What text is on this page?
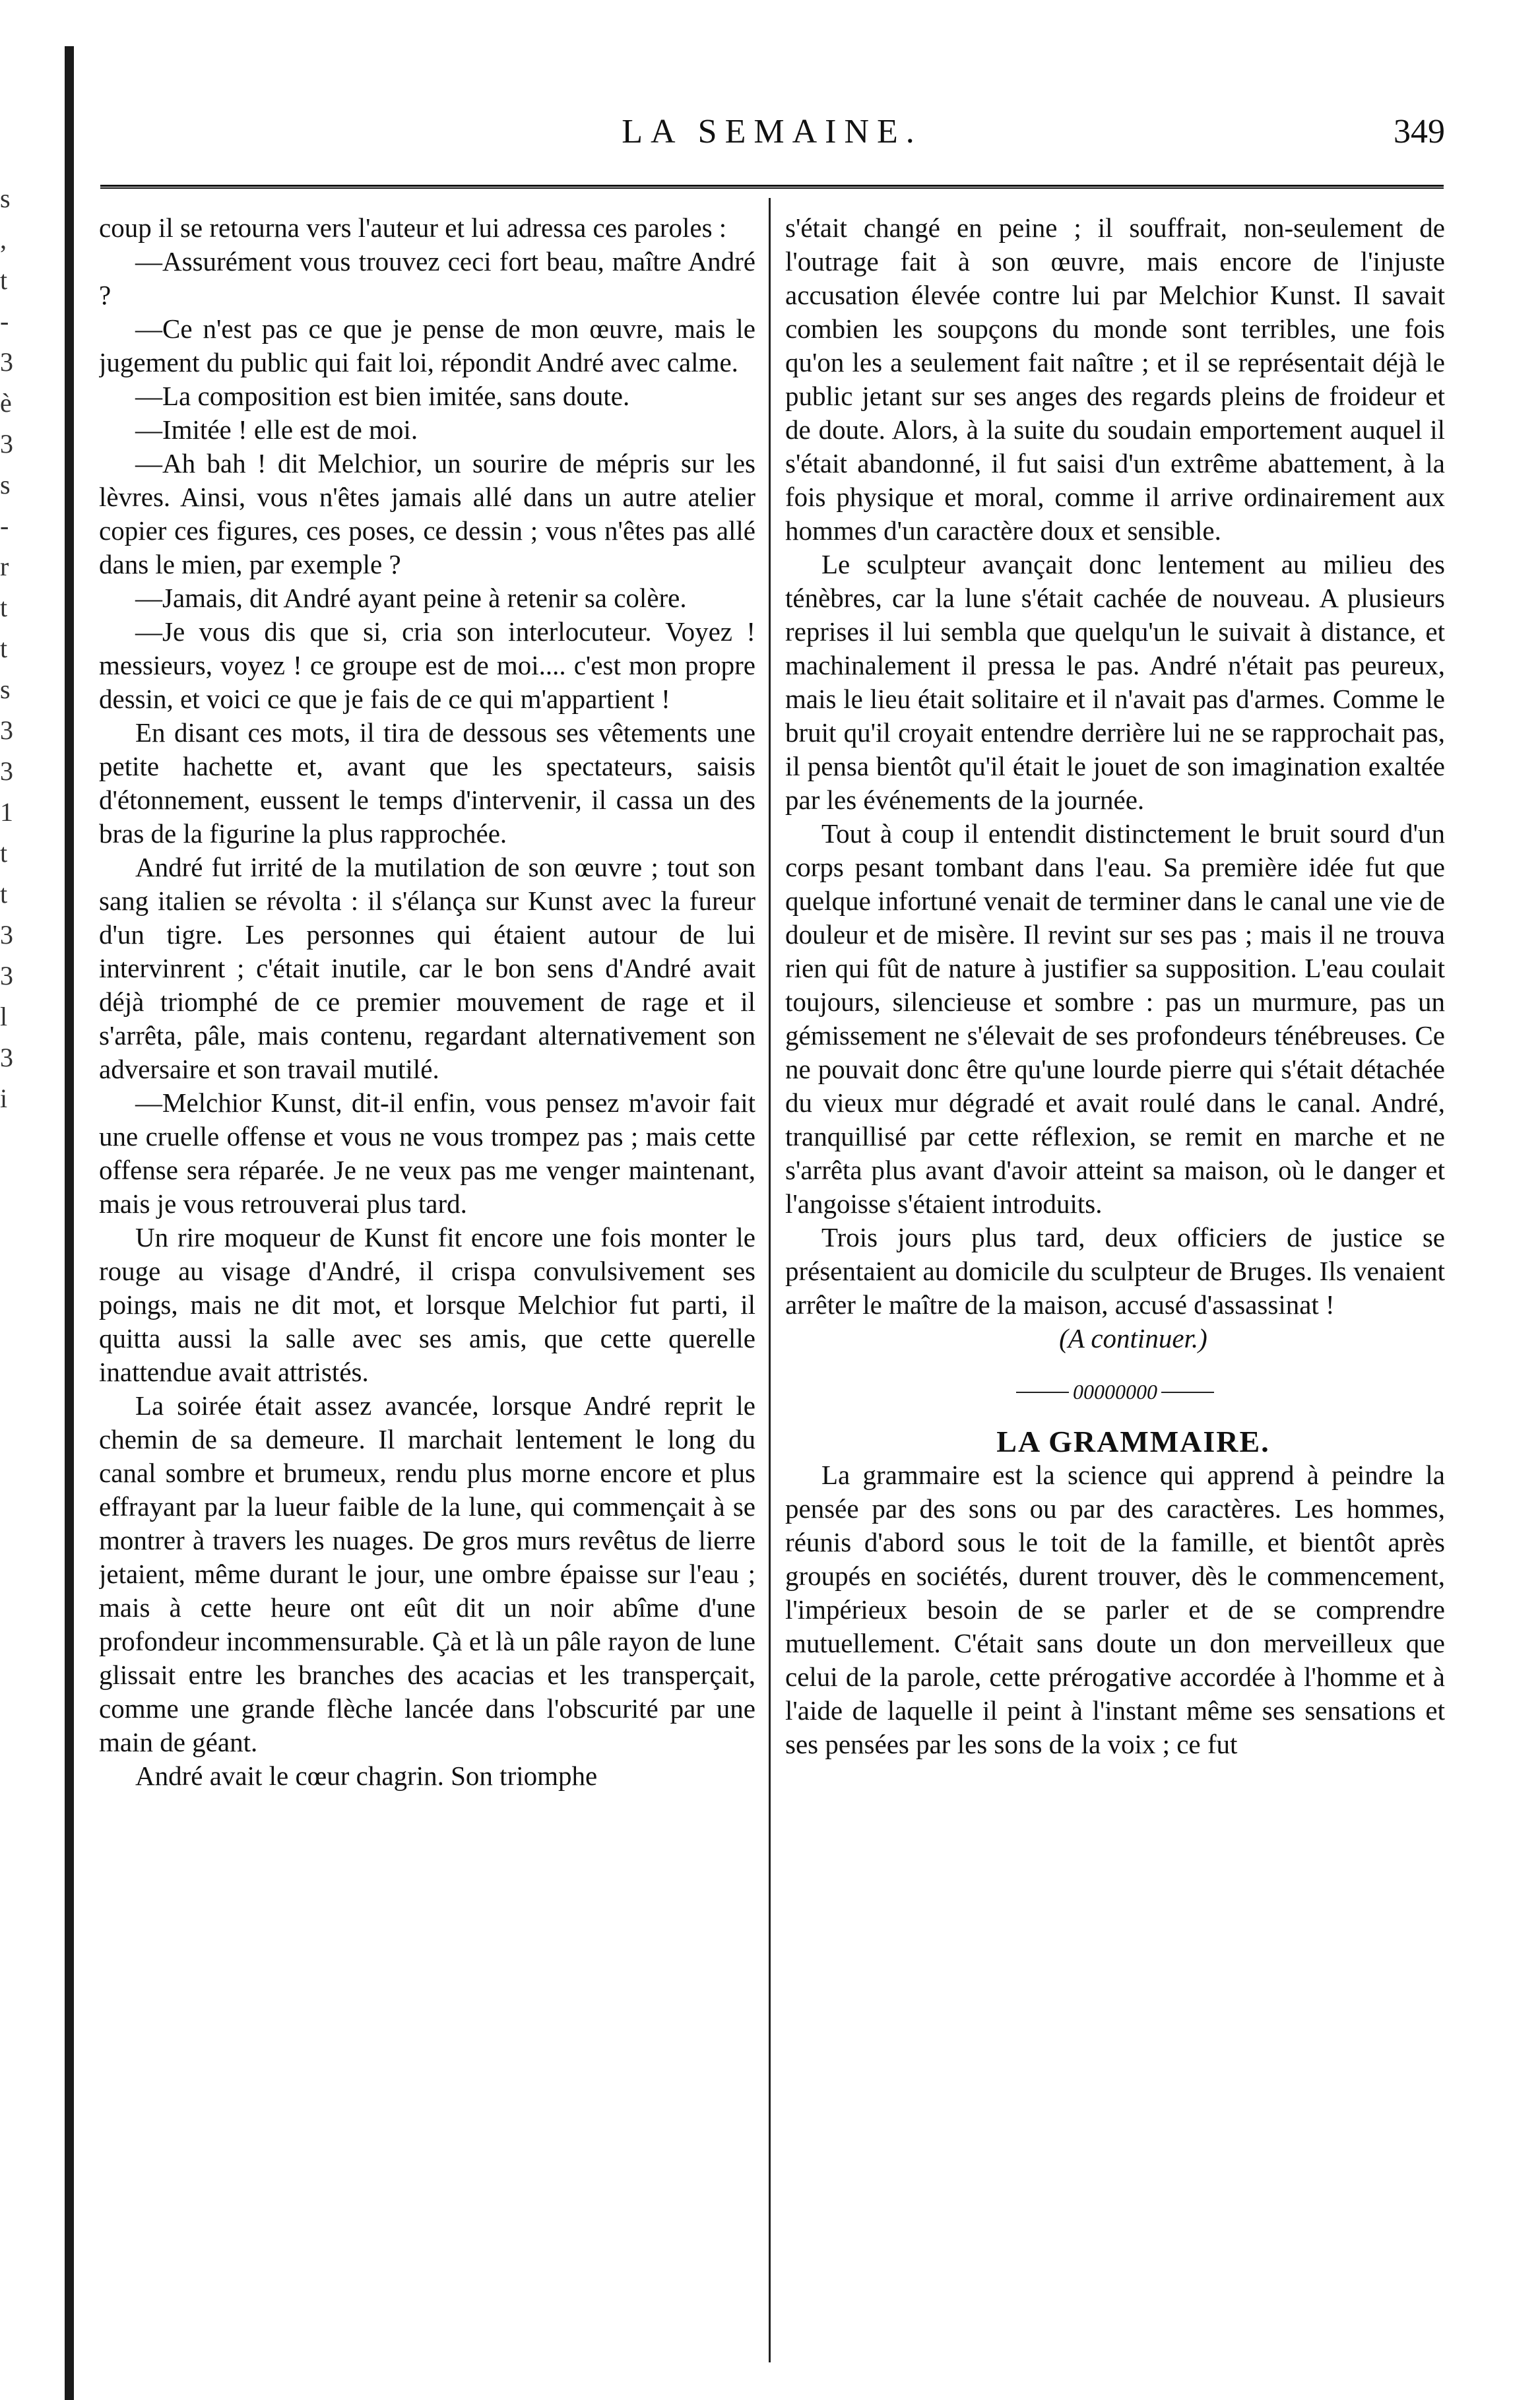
s
,
t
-
3
è
3
s
-
r
t
t
s
3
3
1
t
t
3
3
l
3
i
LA SEMAINE.	349

coup il se retourna vers l'auteur et lui adressa ces paroles :

—Assurément vous trouvez ceci fort beau, maître André ?

—Ce n'est pas ce que je pense de mon œuvre, mais le jugement du public qui fait loi, répondit André avec calme.

—La composition est bien imitée, sans doute.

—Imitée ! elle est de moi.

—Ah bah ! dit Melchior, un sourire de mépris sur les lèvres. Ainsi, vous n'êtes jamais allé dans un autre atelier copier ces figures, ces poses, ce dessin ; vous n'êtes pas allé dans le mien, par exemple ?

—Jamais, dit André ayant peine à retenir sa colère.

—Je vous dis que si, cria son interlocuteur. Voyez ! messieurs, voyez ! ce groupe est de moi.... c'est mon propre dessin, et voici ce que je fais de ce qui m'appartient !

En disant ces mots, il tira de dessous ses vêtements une petite hachette et, avant que les spectateurs, saisis d'étonnement, eussent le temps d'intervenir, il cassa un des bras de la figurine la plus rapprochée.

André fut irrité de la mutilation de son œuvre ; tout son sang italien se révolta : il s'élança sur Kunst avec la fureur d'un tigre. Les personnes qui étaient autour de lui intervinrent ; c'était inutile, car le bon sens d'André avait déjà triomphé de ce premier mouvement de rage et il s'arrêta, pâle, mais contenu, regardant alternativement son adversaire et son travail mutilé.

—Melchior Kunst, dit-il enfin, vous pensez m'avoir fait une cruelle offense et vous ne vous trompez pas ; mais cette offense sera réparée. Je ne veux pas me venger maintenant, mais je vous retrouverai plus tard.

Un rire moqueur de Kunst fit encore une fois monter le rouge au visage d'André, il crispa convulsivement ses poings, mais ne dit mot, et lorsque Melchior fut parti, il quitta aussi la salle avec ses amis, que cette querelle inattendue avait attristés.

La soirée était assez avancée, lorsque André reprit le chemin de sa demeure. Il marchait lentement le long du canal sombre et brumeux, rendu plus morne encore et plus effrayant par la lueur faible de la lune, qui commençait à se montrer à travers les nuages. De gros murs revêtus de lierre jetaient, même durant le jour, une ombre épaisse sur l'eau ; mais à cette heure ont eût dit un noir abîme d'une profondeur incommensurable. Çà et là un pâle rayon de lune glissait entre les branches des acacias et les transperçait, comme une grande flèche lancée dans l'obscurité par une main de géant.

André avait le cœur chagrin. Son triomphe

s'était changé en peine ; il souffrait, non-seulement de l'outrage fait à son œuvre, mais encore de l'injuste accusation élevée contre lui par Melchior Kunst. Il savait combien les soupçons du monde sont terribles, une fois qu'on les a seulement fait naître ; et il se représentait déjà le public jetant sur ses anges des regards pleins de froideur et de doute. Alors, à la suite du soudain emportement auquel il s'était abandonné, il fut saisi d'un extrême abattement, à la fois physique et moral, comme il arrive ordinairement aux hommes d'un caractère doux et sensible.

Le sculpteur avançait donc lentement au milieu des ténèbres, car la lune s'était cachée de nouveau. A plusieurs reprises il lui sembla que quelqu'un le suivait à distance, et machinalement il pressa le pas. André n'était pas peureux, mais le lieu était solitaire et il n'avait pas d'armes. Comme le bruit qu'il croyait entendre derrière lui ne se rapprochait pas, il pensa bientôt qu'il était le jouet de son imagination exaltée par les événements de la journée.

Tout à coup il entendit distinctement le bruit sourd d'un corps pesant tombant dans l'eau. Sa première idée fut que quelque infortuné venait de terminer dans le canal une vie de douleur et de misère. Il revint sur ses pas ; mais il ne trouva rien qui fût de nature à justifier sa supposition. L'eau coulait toujours, silencieuse et sombre : pas un murmure, pas un gémissement ne s'élevait de ses profondeurs ténébreuses. Ce ne pouvait donc être qu'une lourde pierre qui s'était détachée du vieux mur dégradé et avait roulé dans le canal. André, tranquillisé par cette réflexion, se remit en marche et ne s'arrêta plus avant d'avoir atteint sa maison, où le danger et l'angoisse s'étaient introduits.

Trois jours plus tard, deux officiers de justice se présentaient au domicile du sculpteur de Bruges. Ils venaient arrêter le maître de la maison, accusé d'assassinat !

(A continuer.)

00000000

LA GRAMMAIRE.

La grammaire est la science qui apprend à peindre la pensée par des sons ou par des caractères. Les hommes, réunis d'abord sous le toit de la famille, et bientôt après groupés en sociétés, durent trouver, dès le commencement, l'impérieux besoin de se parler et de se comprendre mutuellement. C'était sans doute un don merveilleux que celui de la parole, cette prérogative accordée à l'homme et à l'aide de laquelle il peint à l'instant même ses sensations et ses pensées par les sons de la voix ; ce fut
